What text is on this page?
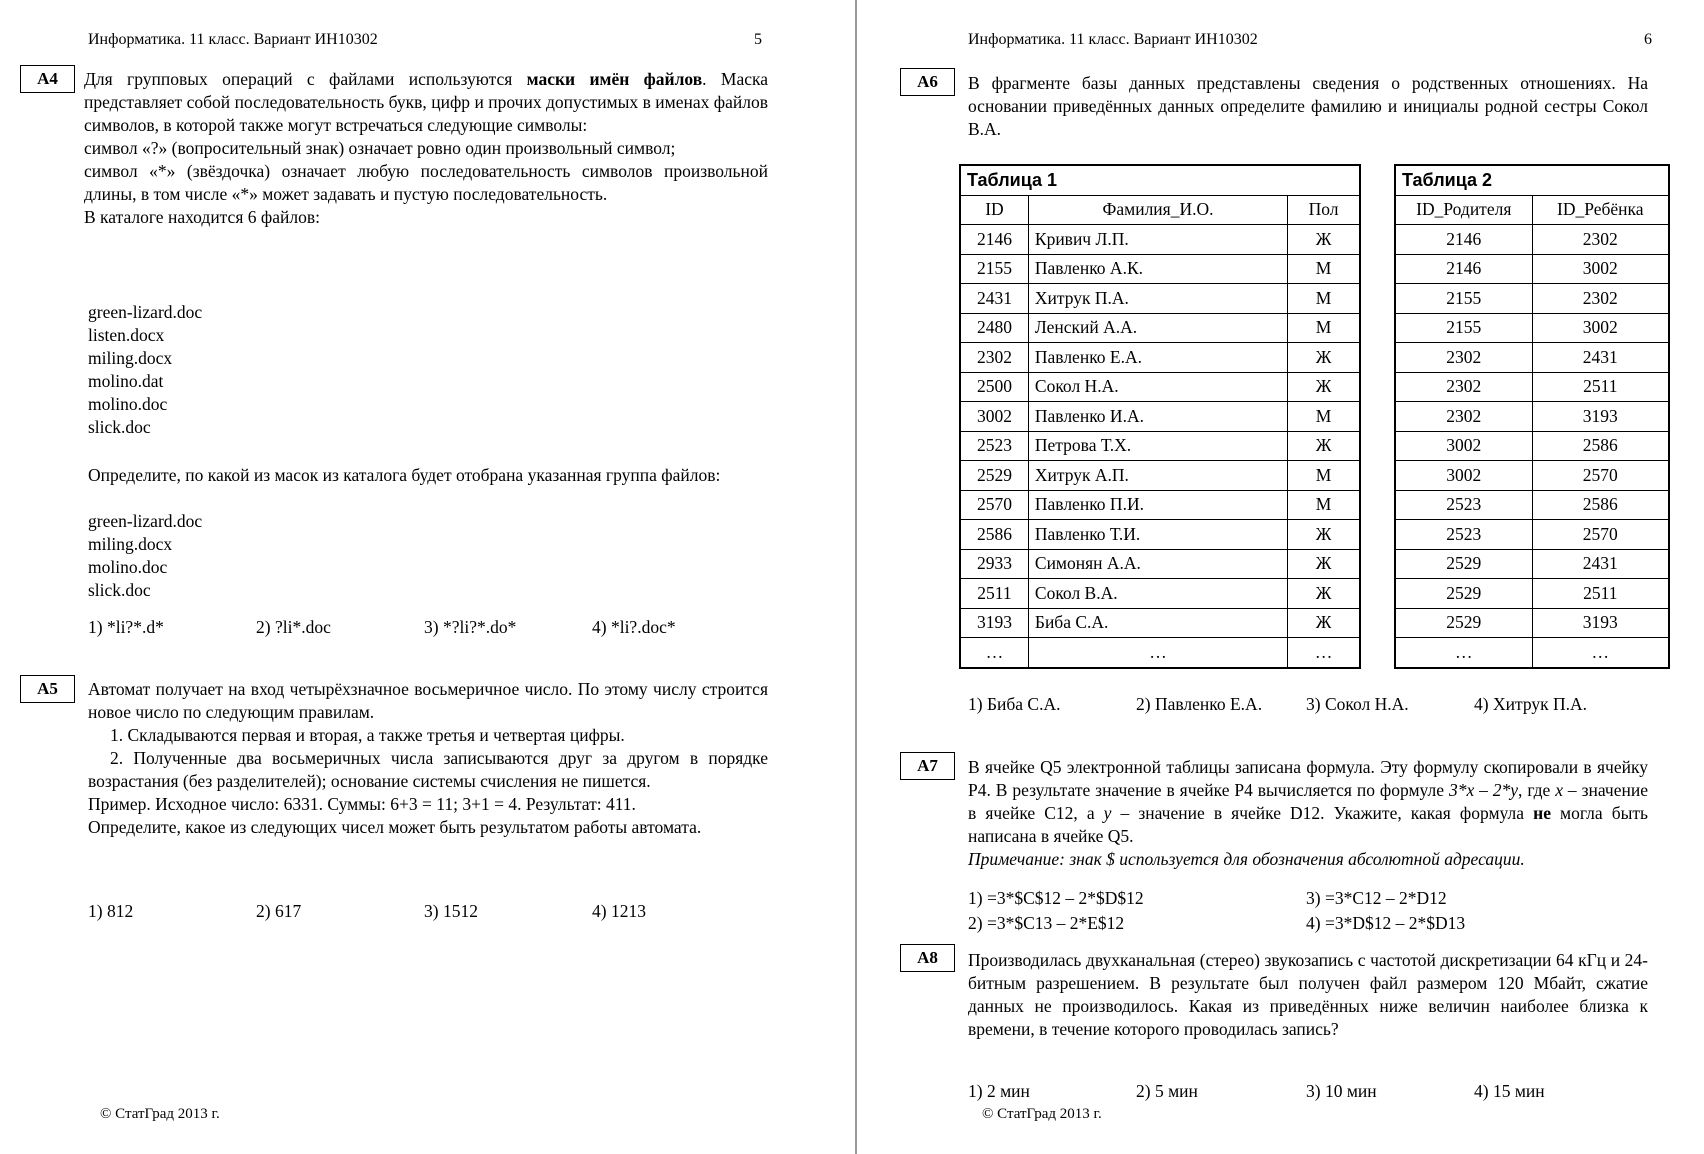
Информатика. 11 класс. Вариант ИН10302	5
А4	Для групповых операций с файлами используются маски имён файлов. Маска представляет собой последовательность букв, цифр и прочих допустимых в именах файлов символов, в которой также могут встречаться следующие символы:

символ «?» (вопросительный знак) означает ровно один произвольный символ;

символ «*» (звёздочка) означает любую последовательность символов произвольной длины, в том числе «*» может задавать и пустую последовательность.

В каталоге находится 6 файлов:

green-lizard.doc
listen.docx
miling.docx
molino.dat
molino.doc
slick.doc
Определите, по какой из масок из каталога будет отобрана указанная группа файлов:
green-lizard.doc
miling.docx
molino.doc
slick.doc
1) *li?*.d*	2) ?li*.doc	3) *?li?*.do*	4) *li?.doc*
А5	Автомат получает на вход четырёхзначное восьмеричное число. По этому числу строится новое число по следующим правилам.

1. Складываются первая и вторая, а также третья и четвертая цифры.

2. Полученные два восьмеричных числа записываются друг за другом в порядке возрастания (без разделителей); основание системы счисления не пишется.

Пример. Исходное число: 6331. Суммы: 6+3 = 11; 3+1 = 4. Результат: 411.

Определите, какое из следующих чисел может быть результатом работы автомата.

1) 812	2) 617	3) 1512	4) 1213
© СтатГрад 2013 г.
Информатика. 11 класс. Вариант ИН10302	6
А6	В фрагменте базы данных представлены сведения о родственных отношениях. На основании приведённых данных определите фамилию и инициалы родной сестры Сокол В.А.
Таблица 1		
ID	Фамилия_И.О.	Пол
2146	Кривич Л.П.	Ж
2155	Павленко А.К.	М
2431	Хитрук П.А.	М
2480	Ленский А.А.	М
2302	Павленко Е.А.	Ж
2500	Сокол Н.А.	Ж
3002	Павленко И.А.	М
2523	Петрова Т.Х.	Ж
2529	Хитрук А.П.	М
2570	Павленко П.И.	М
2586	Павленко Т.И.	Ж
2933	Симонян А.А.	Ж
2511	Сокол В.А.	Ж
3193	Биба С.А.	Ж
…	…	…
Таблица 2	
ID_Родителя	ID_Ребёнка
2146	2302
2146	3002
2155	2302
2155	3002
2302	2431
2302	2511
2302	3193
3002	2586
3002	2570
2523	2586
2523	2570
2529	2431
2529	2511
2529	3193
…	…
1) Биба С.А.	2) Павленко Е.А.	3) Сокол Н.А.	4) Хитрук П.А.
А7	В ячейке Q5 электронной таблицы записана формула. Эту формулу скопировали в ячейку P4. В результате значение в ячейке P4 вычисляется по формуле 3*x – 2*y, где x – значение в ячейке C12, а y – значение в ячейке D12. Укажите, какая формула не могла быть написана в ячейке Q5.

Примечание: знак $ используется для обозначения абсолютной адресации.

1) =3*$C$12 – 2*$D$12	3) =3*C12 – 2*D12
2) =3*$C13 – 2*E$12	4) =3*D$12 – 2*$D13
А8	Производилась двухканальная (стерео) звукозапись с частотой дискретизации 64 кГц и 24-битным разрешением. В результате был получен файл размером 120 Мбайт, сжатие данных не производилось. Какая из приведённых ниже величин наиболее близка к времени, в течение которого проводилась запись?
1) 2 мин	2) 5 мин	3) 10 мин	4) 15 мин
© СтатГрад 2013 г.
